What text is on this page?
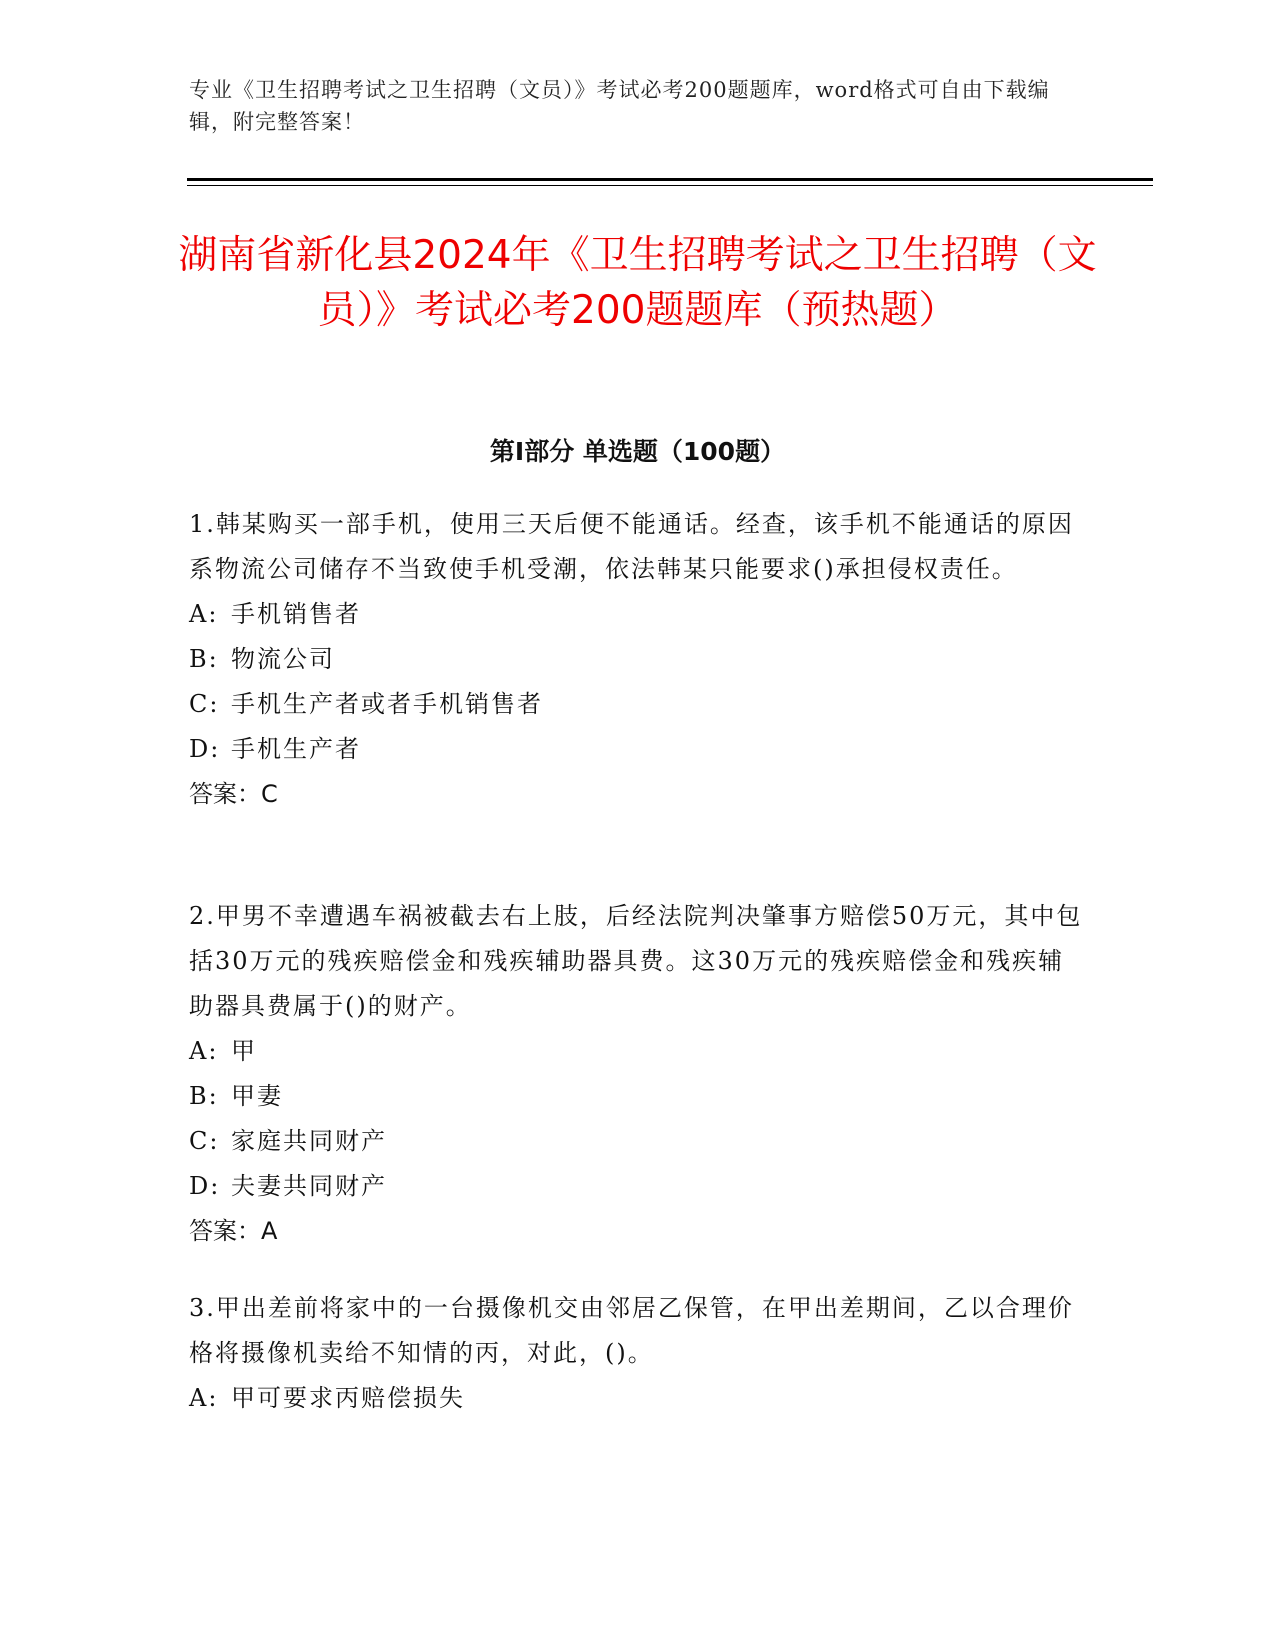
专业《卫生招聘考试之卫生招聘（文员）》考试必考200题题库，word格式可自由下载编辑，附完整答案！
湖南省新化县2024年《卫生招聘考试之卫生招聘（文员）》考试必考200题题库（预热题）
第Ⅰ部分 单选题（100题）

1.韩某购买一部手机，使用三天后便不能通话。经查，该手机不能通话的原因系物流公司储存不当致使手机受潮，依法韩某只能要求()承担侵权责任。

A: 手机销售者

B: 物流公司

C: 手机生产者或者手机销售者

D: 手机生产者

答案：C

2.甲男不幸遭遇车祸被截去右上肢，后经法院判决肇事方赔偿50万元，其中包括30万元的残疾赔偿金和残疾辅助器具费。这30万元的残疾赔偿金和残疾辅助器具费属于()的财产。

A: 甲

B: 甲妻

C: 家庭共同财产

D: 夫妻共同财产

答案：A

3.甲出差前将家中的一台摄像机交由邻居乙保管，在甲出差期间，乙以合理价格将摄像机卖给不知情的丙，对此，()。

A: 甲可要求丙赔偿损失
